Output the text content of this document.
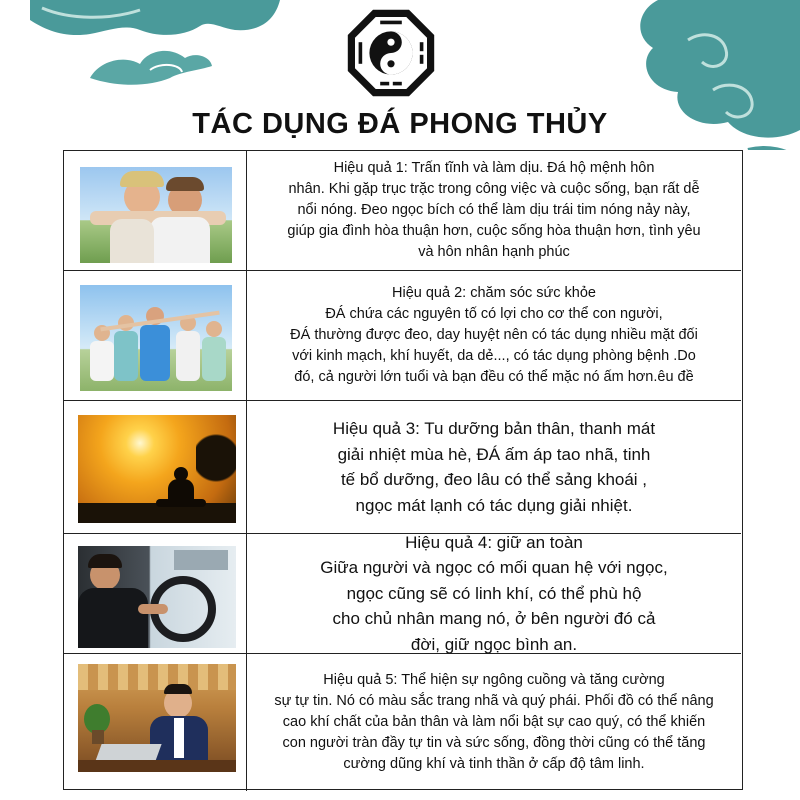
TÁC DỤNG ĐÁ PHONG THỦY

Hiệu quả 1: Trấn tĩnh và làm dịu. Đá hộ mệnh hôn
nhân. Khi gặp trục trặc trong công việc và cuộc sống, bạn rất dễ
nổi nóng. Đeo ngọc bích có thể làm dịu trái tim nóng nảy này,
giúp gia đình hòa thuận hơn, cuộc sống hòa thuận hơn, tình yêu
và hôn nhân hạnh phúc

Hiệu quả 2: chăm sóc sức khỏe
ĐÁ chứa các nguyên tố có lợi cho cơ thể con người,
ĐÁ thường được đeo, day huyệt nên có tác dụng nhiều mặt đối
với kinh mạch, khí huyết, da dẻ..., có tác dụng phòng bệnh .Do
đó, cả người lớn tuổi và bạn đều có thể mặc nó ấm hơn.êu đề

Hiệu quả 3: Tu dưỡng bản thân, thanh mát
giải nhiệt mùa hè, ĐÁ ấm áp tao nhã, tinh
tế bổ dưỡng, đeo lâu có thể sảng khoái ,
ngọc mát lạnh có tác dụng giải nhiệt.

Hiệu quả 4: giữ an toàn
Giữa người và ngọc có mối quan hệ với ngọc,
ngọc cũng sẽ có linh khí, có thể phù hộ
cho chủ nhân mang nó, ở bên người đó cả
đời, giữ ngọc bình an.

Hiệu quả 5: Thể hiện sự ngông cuồng và tăng cường
sự tự tin. Nó có màu sắc trang nhã và quý phái. Phối đồ có thể nâng
cao khí chất của bản thân và làm nổi bật sự cao quý, có thể khiến
con người tràn đầy tự tin và sức sống, đồng thời cũng có thể tăng
cường dũng khí và tinh thần ở cấp độ tâm linh.
